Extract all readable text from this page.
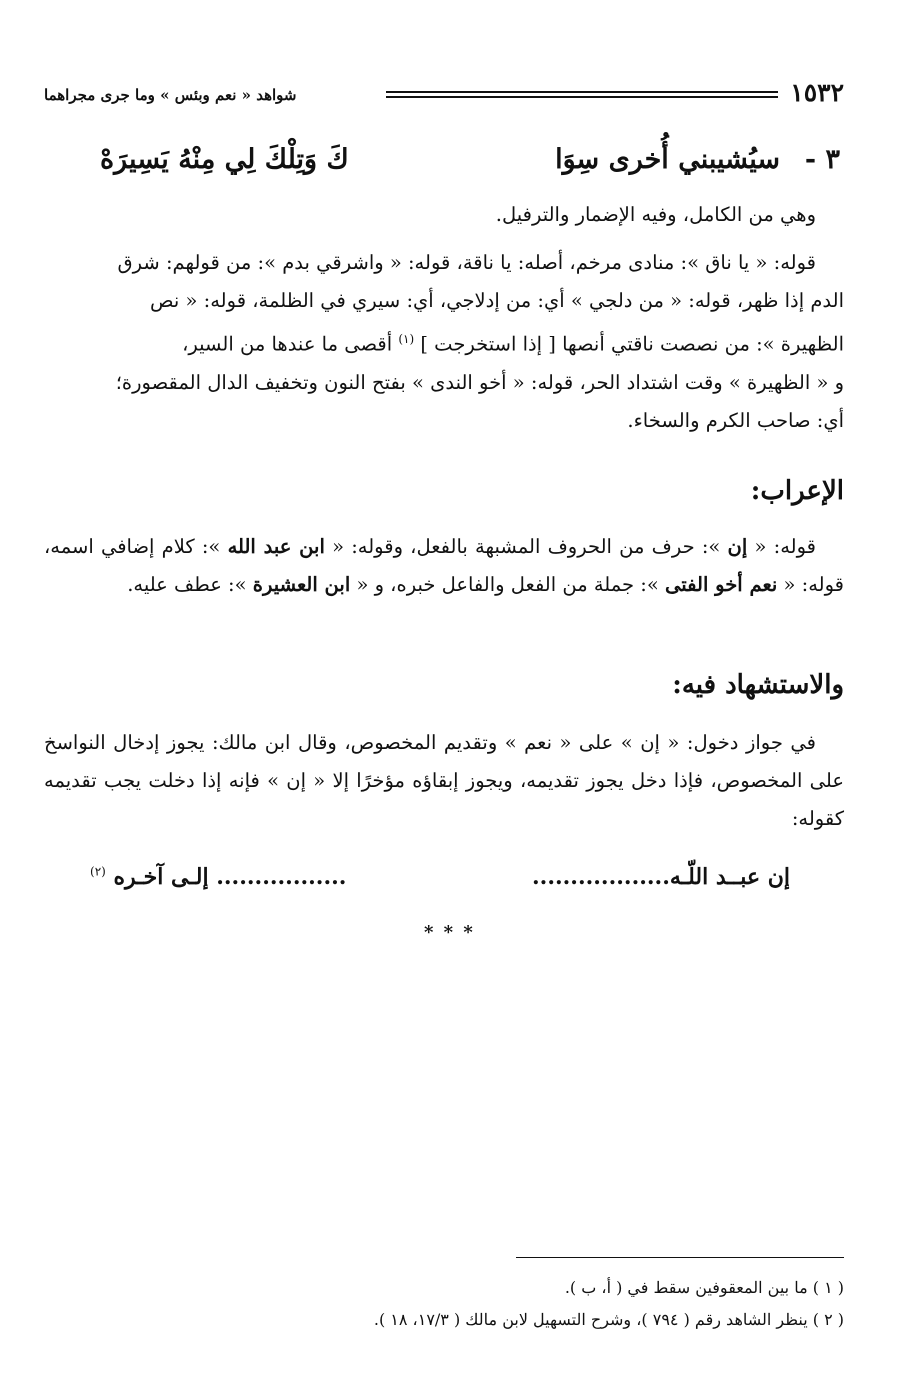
١٥٣٢
شواهد « نعم وبئس » وما جرى مجراهما
٣ -
سيُشيبني أُخرى سِوَا
كَ وَتِلْكَ لِي مِنْهُ يَسِيرَهْ

وهي من الكامل، وفيه الإضمار والترفيل.

قوله: « يا ناق »: منادى مرخم، أصله: يا ناقة، قوله: « واشرقي بدم »: من قولهم: شرق
الدم إذا ظهر، قوله: « من دلجي » أي: من إدلاجي، أي: سيري في الظلمة، قوله: « نص
الظهيرة »: من نصصت ناقتي أنصها [ إذا استخرجت ] $^{(١)}$ أقصى ما عندها من السير،
و « الظهيرة » وقت اشتداد الحر، قوله: « أخو الندى » بفتح النون وتخفيف الدال المقصورة؛
أي: صاحب الكرم والسخاء.
الإعراب:

قوله: « إن »: حرف من الحروف المشبهة بالفعل، وقوله: « ابن عبد الله »: كلام إضافي اسمه، قوله: « نعم أخو الفتى »: جملة من الفعل والفاعل خبره، و « ابن العشيرة »: عطف عليه.

والاستشهاد فيه:

في جواز دخول: « إن » على « نعم » وتقديم المخصوص، وقال ابن مالك: يجوز إدخال النواسخ على المخصوص، فإذا دخل يجوز تقديمه، ويجوز إبقاؤه مؤخرًا إلا « إن » فإنه إذا دخلت يجب تقديمه كقوله:

إن عبــد اللّـه..................
................. إلـى آخـره $^{(٢)}$
* * *
( ١ ) ما بين المعقوفين سقط في ( أ، ب ).
( ٢ ) ينظر الشاهد رقم ( ٧٩٤ )، وشرح التسهيل لابن مالك ( ١٧/٣، ١٨ ).
